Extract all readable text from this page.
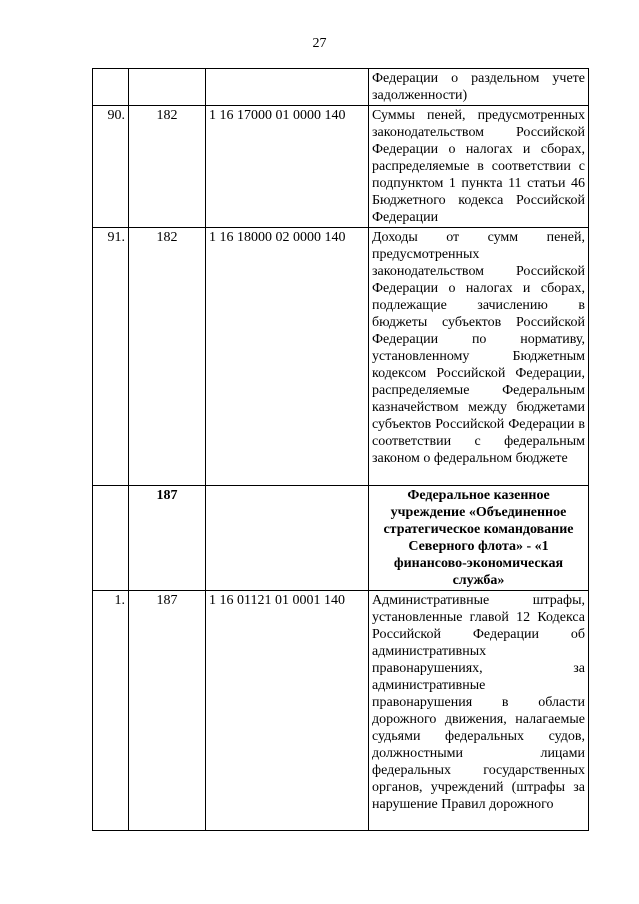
27
			Федерации о раздельном учете задолженности)
90.	182	1 16 17000 01 0000 140	Суммы пеней, предусмотренных законодательством Российской Федерации о налогах и сборах, распределяемые в соответствии с подпунктом 1 пункта 11 статьи 46 Бюджетного кодекса Российской Федерации
91.	182	1 16 18000 02 0000 140	Доходы от сумм пеней, предусмотренных законодательством Российской Федерации о налогах и сборах, подлежащие зачислению в бюджеты субъектов Российской Федерации по нормативу, установленному Бюджетным кодексом Российской Федерации, распределяемые Федеральным казначейством между бюджетами субъектов Российской Федерации в соответствии с федеральным законом о федеральном бюджете
	187		Федеральное казенное учреждение «Объединенное стратегическое командование Северного флота» - «1 финансово-экономическая служба»
1.	187	1 16 01121 01 0001 140	Административные штрафы, установленные главой 12 Кодекса Российской Федерации об административных правонарушениях, за административные правонарушения в области дорожного движения, налагаемые судьями федеральных судов, должностными лицами федеральных государственных органов, учреждений (штрафы за нарушение Правил дорожного
